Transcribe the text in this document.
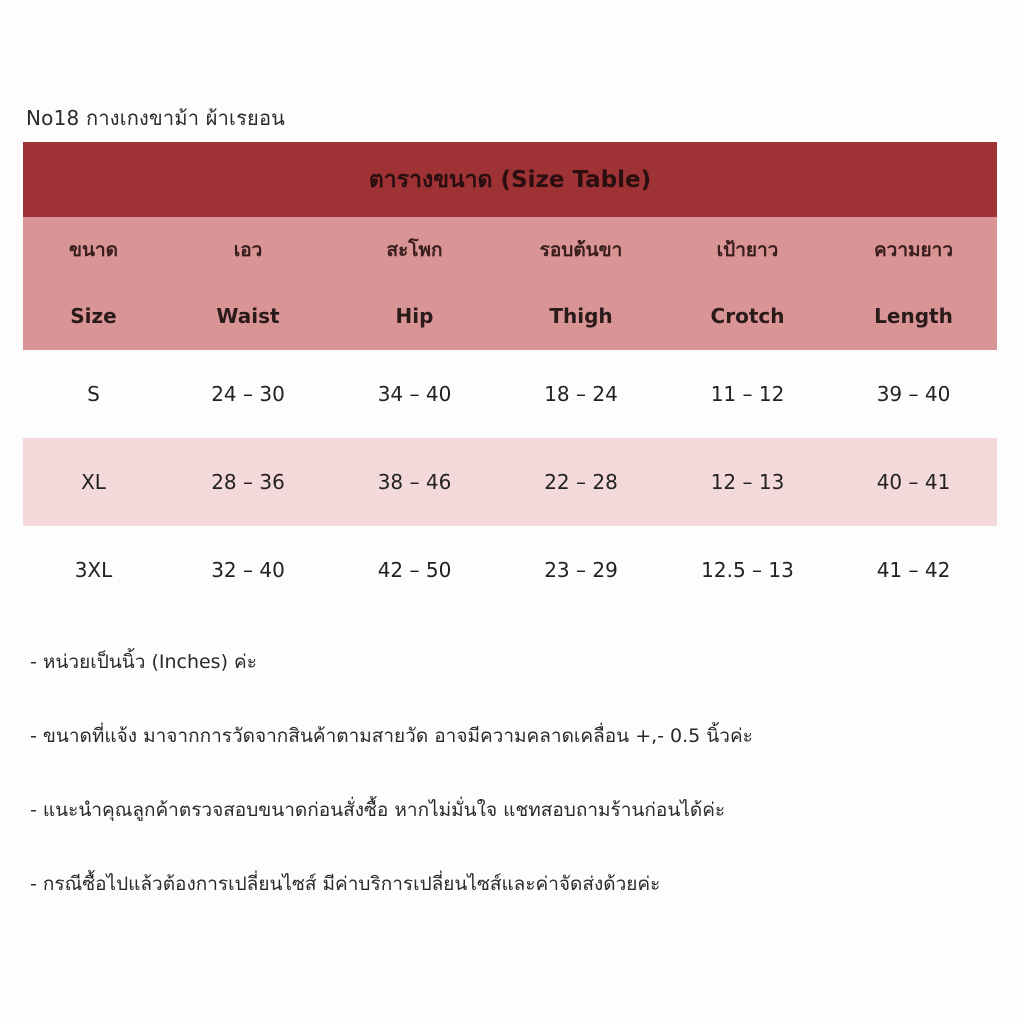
No18 กางเกงขาม้า ผ้าเรยอน
ตารางขนาด (Size Table)
ขนาด	เอว	สะโพก	รอบต้นขา	เป้ายาว	ความยาว
Size	Waist	Hip	Thigh	Crotch	Length
S	24 – 30	34 – 40	18 – 24	11 – 12	39 – 40
XL	28 – 36	38 – 46	22 – 28	12 – 13	40 – 41
3XL	32 – 40	42 – 50	23 – 29	12.5 – 13	41 – 42
- หน่วยเป็นนิ้ว (Inches) ค่ะ
- ขนาดที่แจ้ง มาจากการวัดจากสินค้าตามสายวัด อาจมีความคลาดเคลื่อน +,- 0.5 นิ้วค่ะ
- แนะนำคุณลูกค้าตรวจสอบขนาดก่อนสั่งซื้อ หากไม่มั่นใจ แชทสอบถามร้านก่อนได้ค่ะ
- กรณีซื้อไปแล้วต้องการเปลี่ยนไซส์ มีค่าบริการเปลี่ยนไซส์และค่าจัดส่งด้วยค่ะ
